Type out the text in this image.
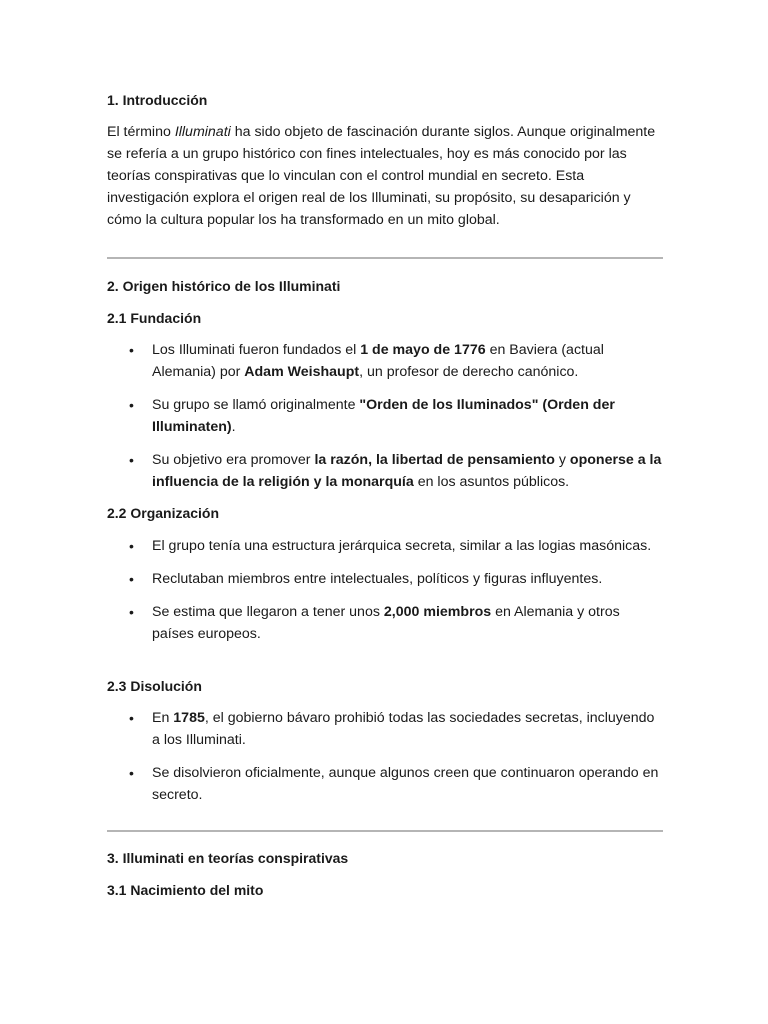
1. Introducción

El término Illuminati ha sido objeto de fascinación durante siglos. Aunque originalmente se refería a un grupo histórico con fines intelectuales, hoy es más conocido por las teorías conspirativas que lo vinculan con el control mundial en secreto. Esta investigación explora el origen real de los Illuminati, su propósito, su desaparición y cómo la cultura popular los ha transformado en un mito global.

2. Origen histórico de los Illuminati
2.1 Fundación
• Los Illuminati fueron fundados el 1 de mayo de 1776 en Baviera (actual Alemania) por Adam Weishaupt, un profesor de derecho canónico.
• Su grupo se llamó originalmente "Orden de los Iluminados" (Orden der Illuminaten).
• Su objetivo era promover la razón, la libertad de pensamiento y oponerse a la influencia de la religión y la monarquía en los asuntos públicos.
2.2 Organización
• El grupo tenía una estructura jerárquica secreta, similar a las logias masónicas.
• Reclutaban miembros entre intelectuales, políticos y figuras influyentes.
• Se estima que llegaron a tener unos 2,000 miembros en Alemania y otros países europeos.
2.3 Disolución
• En 1785, el gobierno bávaro prohibió todas las sociedades secretas, incluyendo a los Illuminati.
• Se disolvieron oficialmente, aunque algunos creen que continuaron operando en secreto.
3. Illuminati en teorías conspirativas
3.1 Nacimiento del mito
